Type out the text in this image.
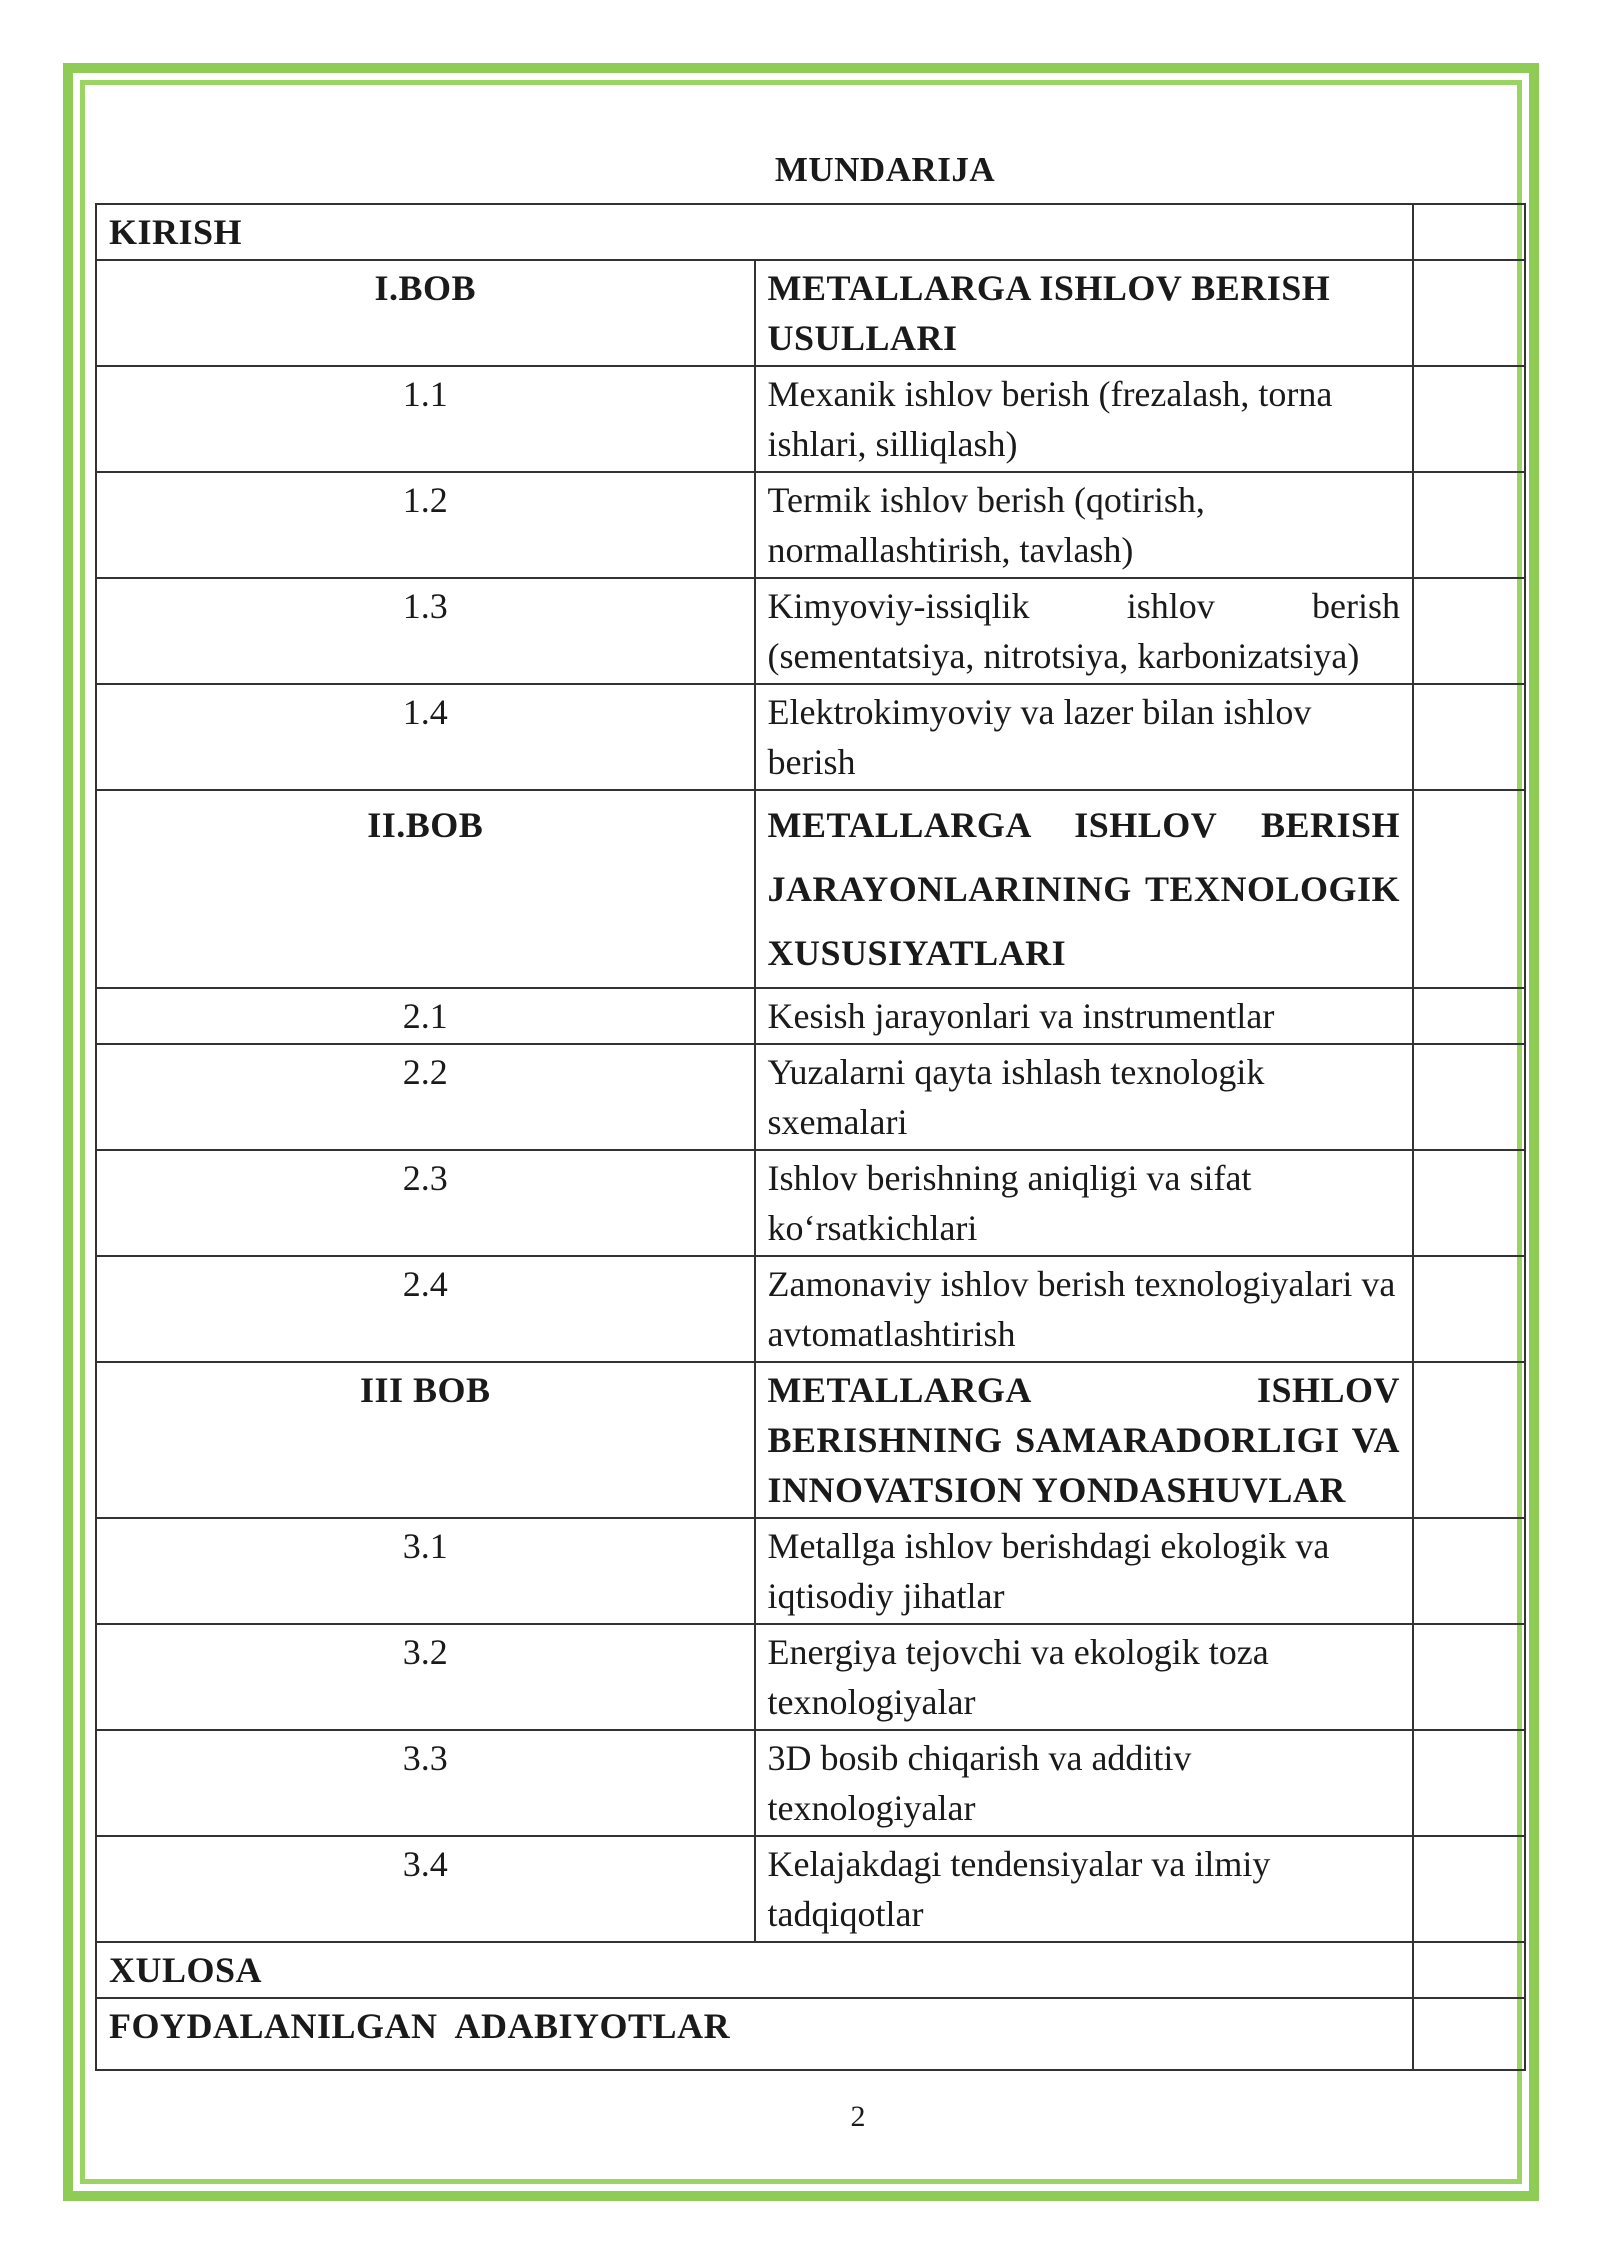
MUNDARIJA
KIRISH		
I.BOB	METALLARGA ISHLOV BERISH USULLARI	
1.1	Mexanik ishlov berish (frezalash, torna ishlari, silliqlash)	
1.2	Termik ishlov berish (qotirish, normallashtirish, tavlash)	
1.3	Kimyoviy-issiqlik ishlov berish (sementatsiya, nitrotsiya, karbonizatsiya)	
1.4	Elektrokimyoviy va lazer bilan ishlov berish	
II.BOB	METALLARGA ISHLOV BERISH JARAYONLARINING TEXNOLOGIK XUSUSIYATLARI	
2.1	Kesish jarayonlari va instrumentlar	
2.2	Yuzalarni qayta ishlash texnologik sxemalari	
2.3	Ishlov berishning aniqligi va sifat ko‘rsatkichlari	
2.4	Zamonaviy ishlov berish texnologiyalari va avtomatlashtirish	
III BOB	METALLARGA ISHLOV BERISHNING SAMARADORLIGI VA INNOVATSION YONDASHUVLAR	
3.1	Metallga ishlov berishdagi ekologik va iqtisodiy jihatlar	
3.2	Energiya tejovchi va ekologik toza texnologiyalar	
3.3	3D bosib chiqarish va additiv texnologiyalar	
3.4	Kelajakdagi tendensiyalar va ilmiy tadqiqotlar	
XULOSA		
FOYDALANILGAN  ADABIYOTLAR		
2
